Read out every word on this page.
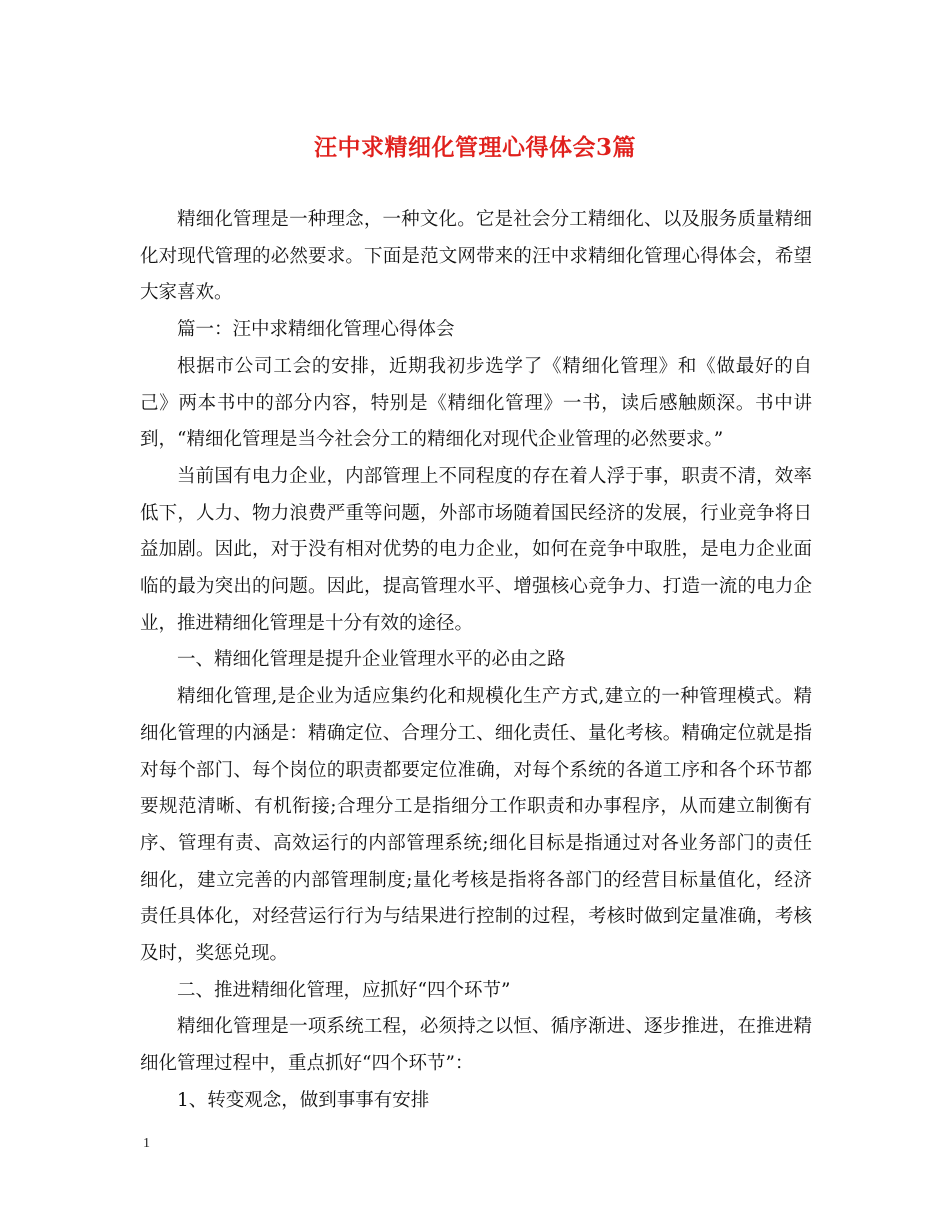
汪中求精细化管理心得体会3篇

精细化管理是一种理念，一种文化。它是社会分工精细化、以及服务质量精细化对现代管理的必然要求。下面是范文网带来的汪中求精细化管理心得体会，希望大家喜欢。

篇一：汪中求精细化管理心得体会

根据市公司工会的安排，近期我初步选学了《精细化管理》和《做最好的自己》两本书中的部分内容，特别是《精细化管理》一书，读后感触颇深。书中讲到，“精细化管理是当今社会分工的精细化对现代企业管理的必然要求。”

当前国有电力企业，内部管理上不同程度的存在着人浮于事，职责不清，效率低下，人力、物力浪费严重等问题，外部市场随着国民经济的发展，行业竞争将日益加剧。因此，对于没有相对优势的电力企业，如何在竞争中取胜，是电力企业面临的最为突出的问题。因此，提高管理水平、增强核心竞争力、打造一流的电力企业，推进精细化管理是十分有效的途径。

一、精细化管理是提升企业管理水平的必由之路

精细化管理,是企业为适应集约化和规模化生产方式,建立的一种管理模式。精细化管理的内涵是：精确定位、合理分工、细化责任、量化考核。精确定位就是指对每个部门、每个岗位的职责都要定位准确，对每个系统的各道工序和各个环节都要规范清晰、有机衔接;合理分工是指细分工作职责和办事程序，从而建立制衡有序、管理有责、高效运行的内部管理系统;细化目标是指通过对各业务部门的责任细化，建立完善的内部管理制度;量化考核是指将各部门的经营目标量值化，经济责任具体化，对经营运行行为与结果进行控制的过程，考核时做到定量准确，考核及时，奖惩兑现。

二、推进精细化管理，应抓好“四个环节”

精细化管理是一项系统工程，必须持之以恒、循序渐进、逐步推进，在推进精细化管理过程中，重点抓好“四个环节”：

1、转变观念，做到事事有安排

1
